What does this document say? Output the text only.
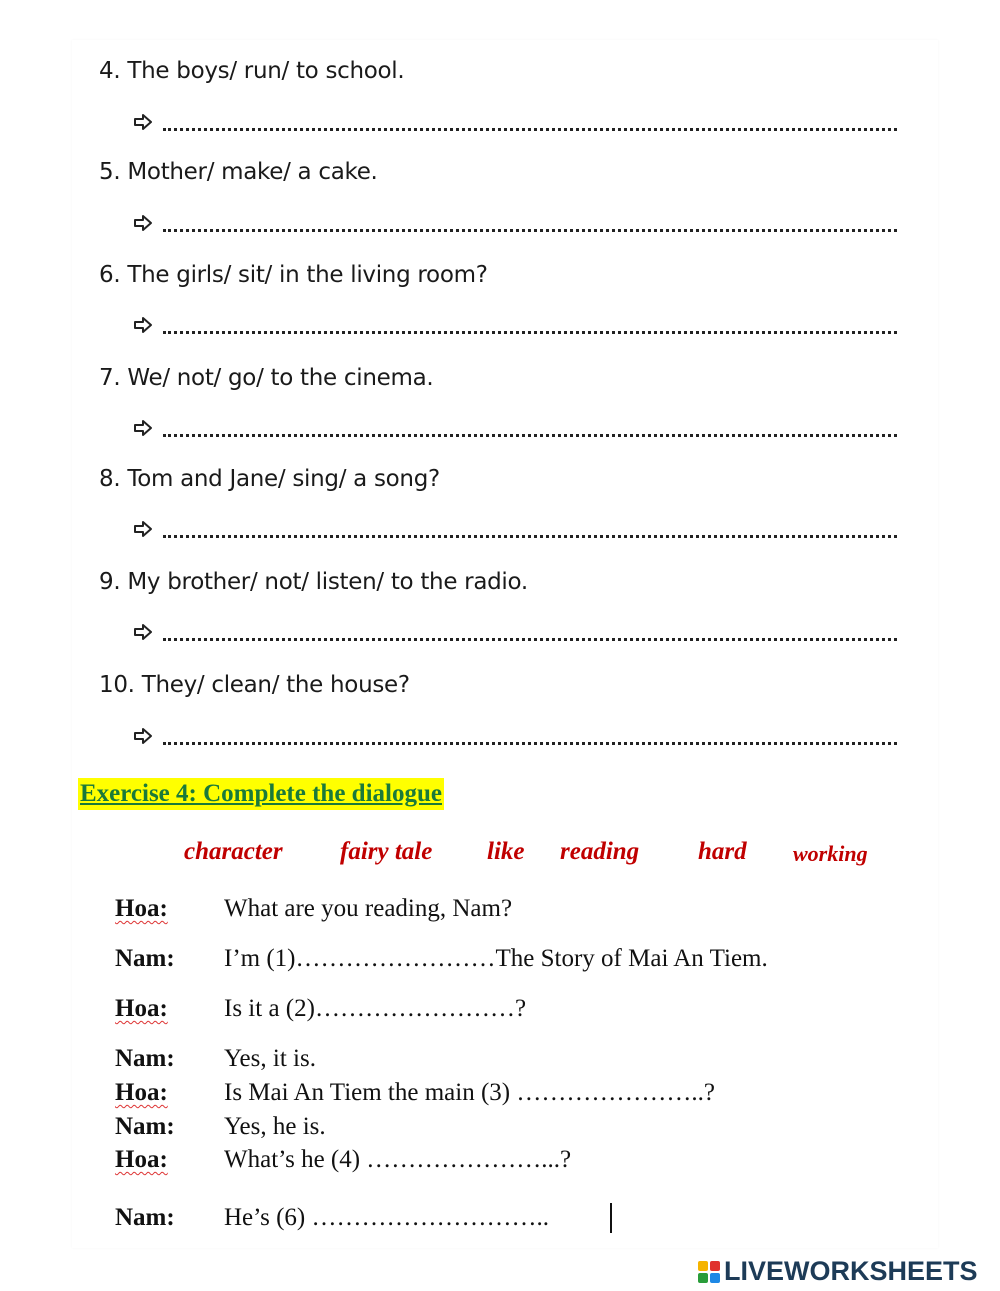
4. The boys/ run/ to school.
5. Mother/ make/ a cake.
6. The girls/ sit/ in the living room?
7. We/ not/ go/ to the cinema.
8. Tom and Jane/ sing/ a song?
9. My brother/ not/ listen/ to the radio.
10. They/ clean/ the house?
Exercise 4: Complete the dialogue
character fairy tale like reading hard working
Hoa: What are you reading, Nam?
Nam: I’m (1)……………………The Story of Mai An Tiem.
Hoa: Is it a (2)……………………?
Nam: Yes, it is.
Hoa: Is Mai An Tiem the main (3) …………………..?
Nam: Yes, he is.
Hoa: What’s he (4) …………………...?
Nam: He’s (6) ………………………..
LIVEWORKSHEETS
